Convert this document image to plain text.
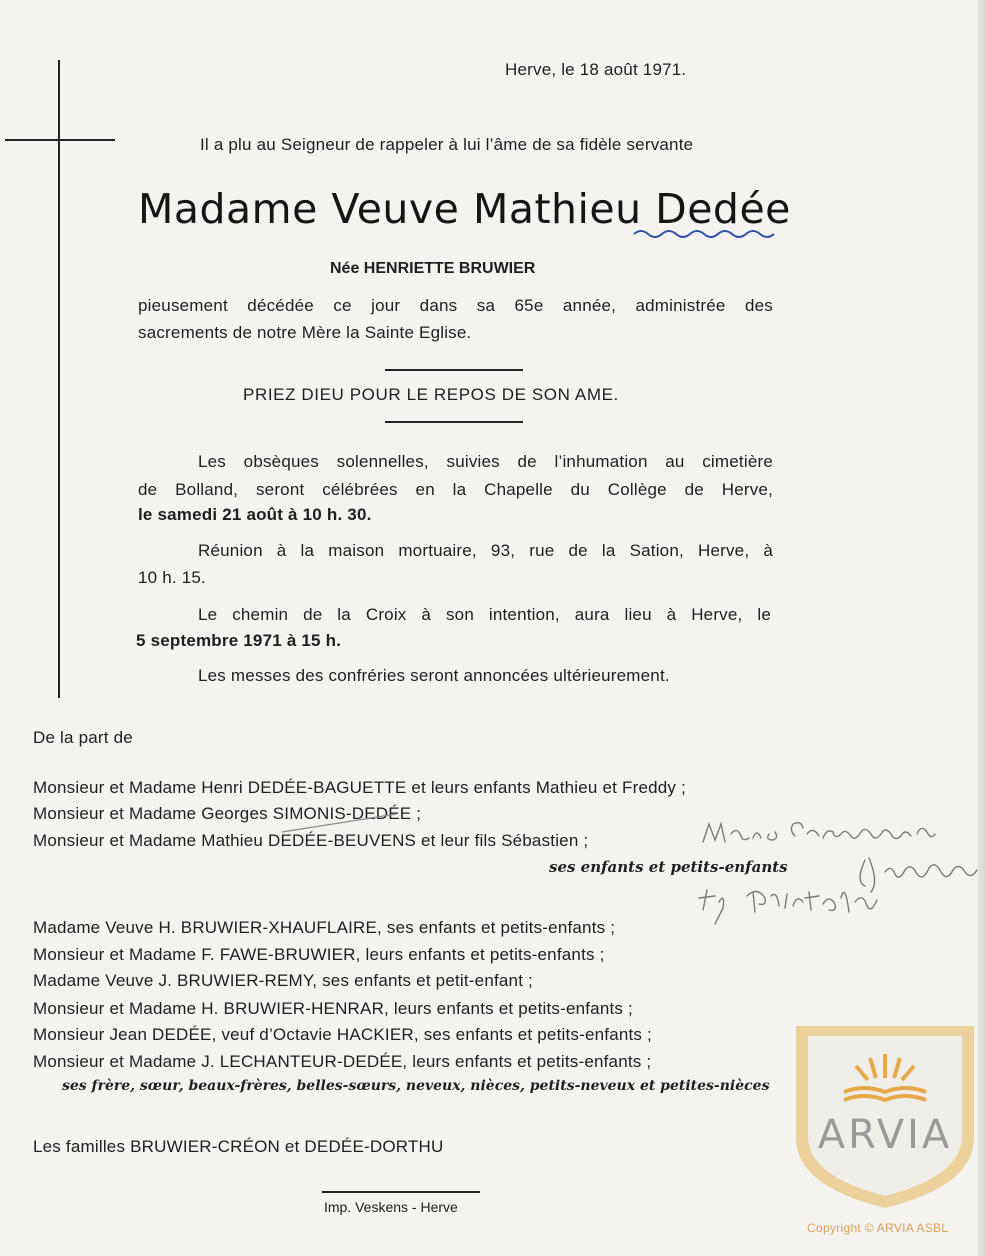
Herve, le 18 août 1971.
Il a plu au Seigneur de rappeler à lui l’âme de sa fidèle servante
Madame Veuve Mathieu Dedée
Née HENRIETTE BRUWIER
pieusement décédée ce jour dans sa 65e année, administrée des
sacrements de notre Mère la Sainte Eglise.
PRIEZ DIEU POUR LE REPOS DE SON AME.
Les obsèques solennelles, suivies de l’inhumation au cimetière
de Bolland, seront célébrées en la Chapelle du Collège de Herve,
le samedi 21 août à 10 h. 30.
Réunion à la maison mortuaire, 93, rue de la Sation, Herve, à
10 h. 15.
Le chemin de la Croix à son intention, aura lieu à Herve, le
5 septembre 1971 à 15 h.
Les messes des confréries seront annoncées ultérieurement.
De la part de
Monsieur et Madame Henri DEDÉE-BAGUETTE et leurs enfants Mathieu et Freddy ;
Monsieur et Madame Georges SIMONIS-DEDÉE ;
Monsieur et Madame Mathieu DEDÉE-BEUVENS et leur fils Sébastien ;
ses enfants et petits-enfants
Madame Veuve H. BRUWIER-XHAUFLAIRE, ses enfants et petits-enfants ;
Monsieur et Madame F. FAWE-BRUWIER, leurs enfants et petits-enfants ;
Madame Veuve J. BRUWIER-REMY, ses enfants et petit-enfant ;
Monsieur et Madame H. BRUWIER-HENRAR, leurs enfants et petits-enfants ;
Monsieur Jean DEDÉE, veuf d’Octavie HACKIER, ses enfants et petits-enfants ;
Monsieur et Madame J. LECHANTEUR-DEDÉE, leurs enfants et petits-enfants ;
ses frère, sœur, beaux-frères, belles-sœurs, neveux, nièces, petits-neveux et petites-nièces
Les familles BRUWIER-CRÉON et DEDÉE-DORTHU
Imp. Veskens - Herve
ARVIA
Copyright © ARVIA ASBL
